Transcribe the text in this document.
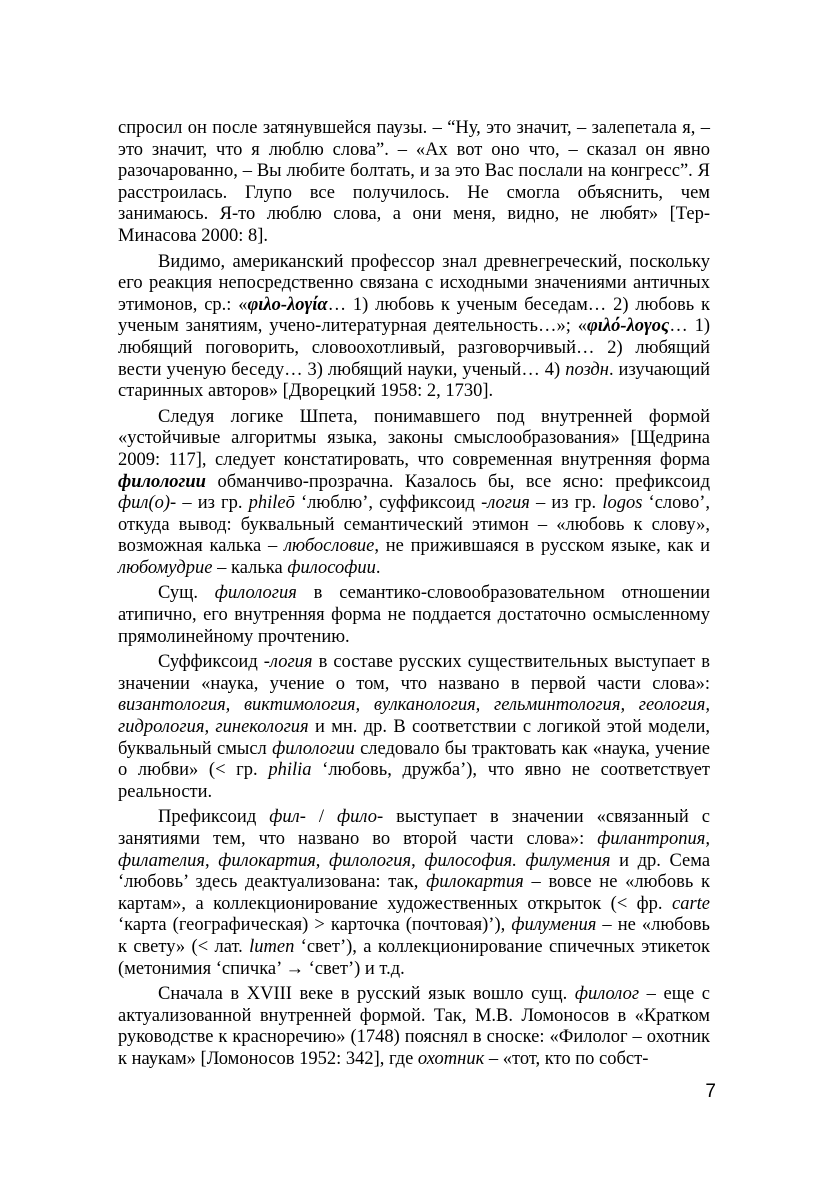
спросил он после затянувшейся паузы. – “Ну, это значит, – залепетала я, – это значит, что я люблю слова”. – «Ах вот оно что, – сказал он явно разочарованно, – Вы любите болтать, и за это Вас послали на конгресс”. Я расстроилась. Глупо все получилось. Не смогла объяснить, чем занимаюсь. Я-то люблю слова, а они меня, видно, не любят» [Тер-Минасова 2000: 8].

Видимо, американский профессор знал древнегреческий, поскольку его реакция непосредственно связана с исходными значениями античных этимонов, ср.: «φιλο-λογία… 1) любовь к ученым беседам… 2) любовь к ученым занятиям, учено-литературная деятельность…»; «φιλό-λογος… 1) любящий поговорить, словоохотливый, разговорчивый… 2) любящий вести ученую беседу… 3) любящий науки, ученый… 4) поздн. изучающий старинных авторов» [Дворецкий 1958: 2, 1730].

Следуя логике Шпета, понимавшего под внутренней формой «устойчивые алгоритмы языка, законы смыслообразования» [Щедрина 2009: 117], следует констатировать, что современная внутренняя форма филологии обманчиво-прозрачна. Казалось бы, все ясно: префиксоид фил(о)- – из гр. phileō ‘люблю’, суффиксоид -логия – из гр. logos ‘слово’, откуда вывод: буквальный семантический этимон – «любовь к слову», возможная калька – любословие, не прижившаяся в русском языке, как и любомудрие – калька философии.

Сущ. филология в семантико-словообразовательном отношении атипично, его внутренняя форма не поддается достаточно осмысленному прямолинейному прочтению.

Суффиксоид -логия в составе русских существительных выступает в значении «наука, учение о том, что названо в первой части слова»: византология, виктимология, вулканология, гельминтология, геология, гидрология, гинекология и мн. др. В соответствии с логикой этой модели, буквальный смысл филологии следовало бы трактовать как «наука, учение о любви» (< гр. philia ‘любовь, дружба’), что явно не соответствует реальности.

Префиксоид фил- / фило- выступает в значении «связанный с занятиями тем, что названо во второй части слова»: филантропия, филателия, филокартия, филология, философия. филумения и др. Сема ‘любовь’ здесь деактуализована: так, филокартия – вовсе не «любовь к картам», а коллекционирование художественных открыток (< фр. carte ‘карта (географическая) > карточка (почтовая)’), филумения – не «любовь к свету» (< лат. lumen ‘свет’), а коллекционирование спичечных этикеток (метонимия ‘спичка’ → ‘свет’) и т.д.

Сначала в XVIII веке в русский язык вошло сущ. филолог – еще с актуализованной внутренней формой. Так, М.В. Ломоносов в «Кратком руководстве к красноречию» (1748) пояснял в сноске: «Филолог – охотник к наукам» [Ломоносов 1952: 342], где охотник – «тот, кто по собст-

7
